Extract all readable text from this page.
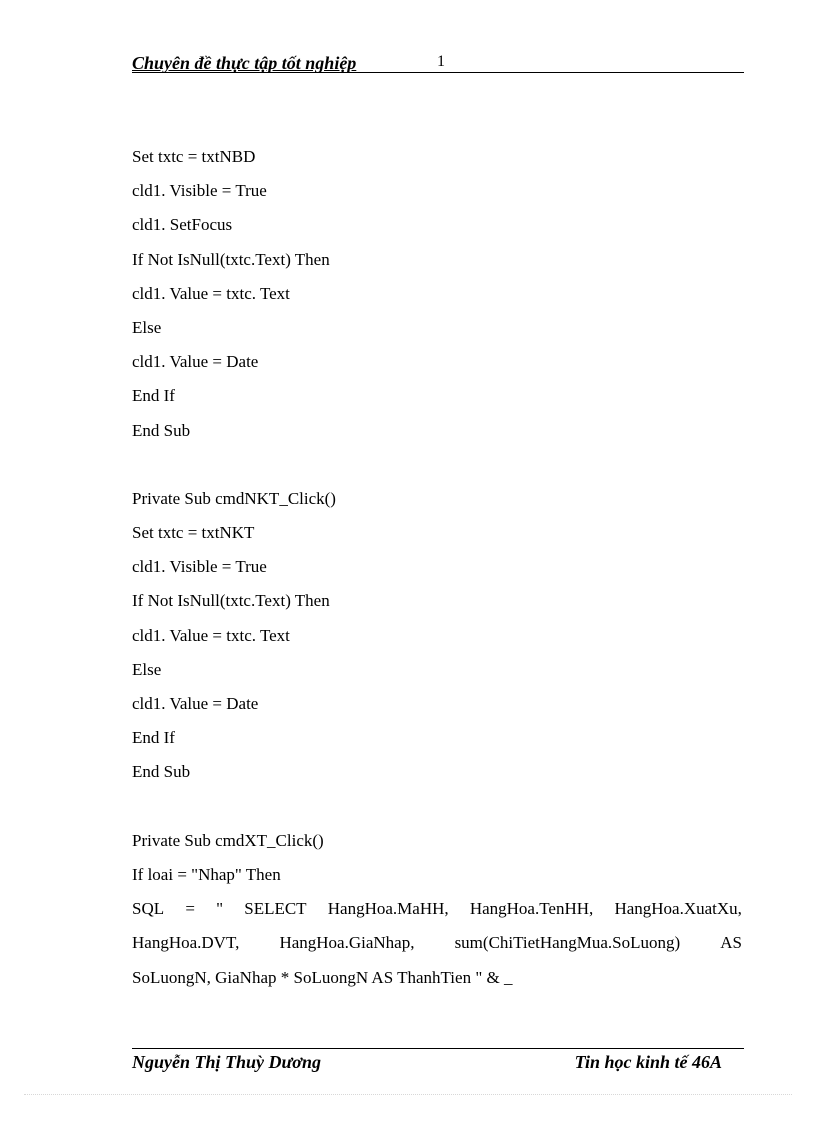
Chuyên đề thực tập tốt nghiệp	1
Set txtc = txtNBD
cld1. Visible = True
cld1. SetFocus
If Not IsNull(txtc.Text) Then
cld1. Value = txtc. Text
Else
cld1. Value = Date
End If
End Sub
Private Sub cmdNKT_Click()
Set txtc = txtNKT
cld1. Visible = True
If Not IsNull(txtc.Text) Then
cld1. Value = txtc. Text
Else
cld1. Value = Date
End If
End Sub
Private Sub cmdXT_Click()
If loai = "Nhap" Then
SQL = " SELECT HangHoa.MaHH, HangHoa.TenHH, HangHoa.XuatXu,
HangHoa.DVT, HangHoa.GiaNhap, sum(ChiTietHangMua.SoLuong) AS
SoLuongN, GiaNhap * SoLuongN AS ThanhTien " & _
Nguyễn Thị Thuỳ Dương	Tin học kinh tế 46A
